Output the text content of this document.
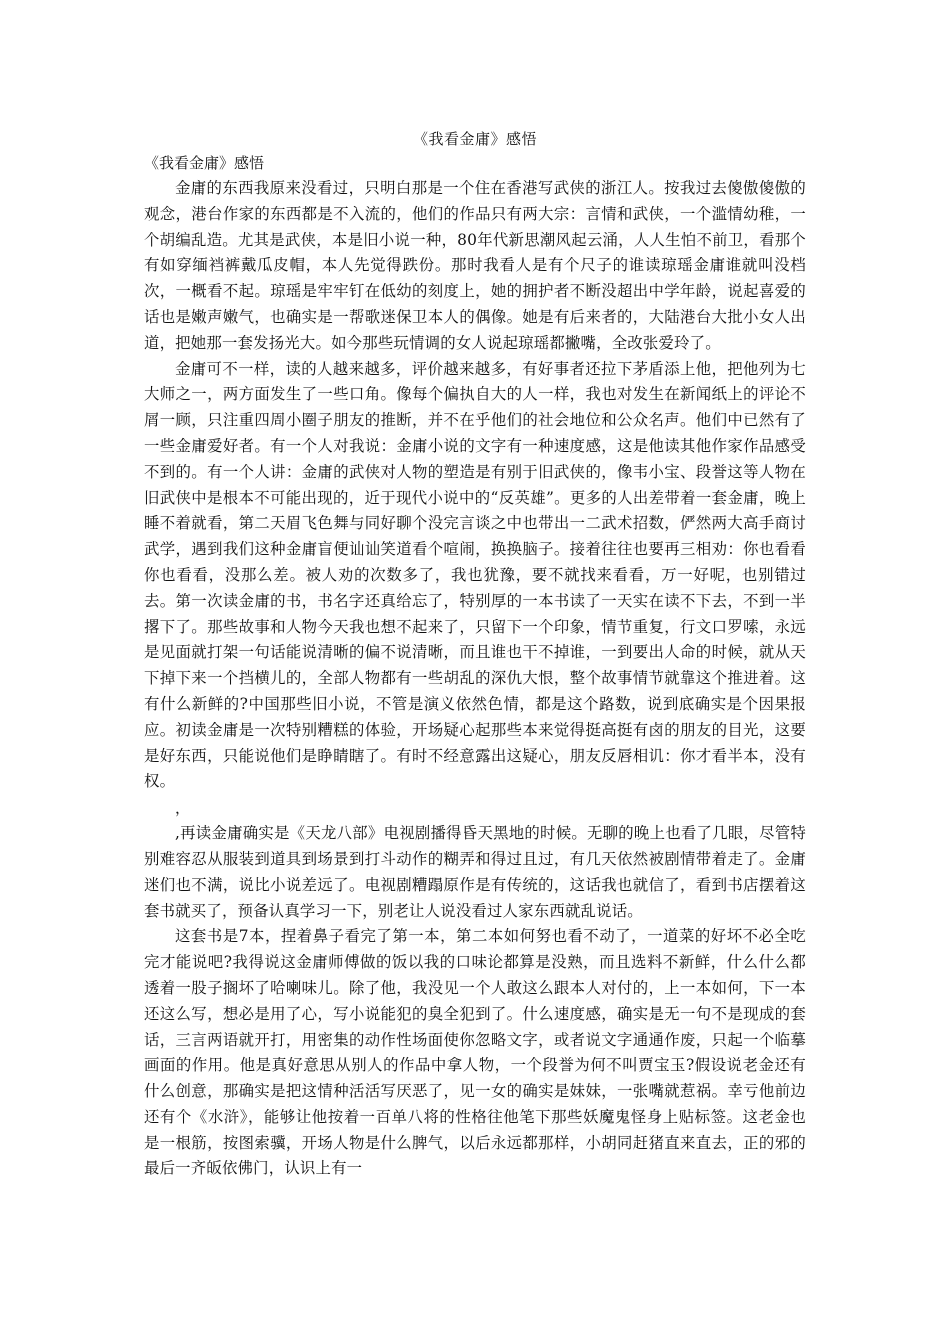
《我看金庸》感悟

《我看金庸》感悟

金庸的东西我原来没看过，只明白那是一个住在香港写武侠的浙江人。按我过去傻傲傻傲的观念，港台作家的东西都是不入流的，他们的作品只有两大宗：言情和武侠，一个滥情幼稚，一个胡编乱造。尤其是武侠，本是旧小说一种，80年代新思潮风起云涌，人人生怕不前卫，看那个有如穿缅裆裤戴瓜皮帽，本人先觉得跌份。那时我看人是有个尺子的谁读琼瑶金庸谁就叫没档次，一概看不起。琼瑶是牢牢钉在低幼的刻度上，她的拥护者不断没超出中学年龄，说起喜爱的话也是嫩声嫩气，也确实是一帮歌迷保卫本人的偶像。她是有后来者的，大陆港台大批小女人出道，把她那一套发扬光大。如今那些玩情调的女人说起琼瑶都撇嘴，全改张爱玲了。

金庸可不一样，读的人越来越多，评价越来越多，有好事者还拉下茅盾添上他，把他列为七大师之一，两方面发生了一些口角。像每个偏执自大的人一样，我也对发生在新闻纸上的评论不屑一顾，只注重四周小圈子朋友的推断，并不在乎他们的社会地位和公众名声。他们中已然有了一些金庸爱好者。有一个人对我说：金庸小说的文字有一种速度感，这是他读其他作家作品感受不到的。有一个人讲：金庸的武侠对人物的塑造是有别于旧武侠的，像韦小宝、段誉这等人物在旧武侠中是根本不可能出现的，近于现代小说中的“反英雄”。更多的人出差带着一套金庸，晚上睡不着就看，第二天眉飞色舞与同好聊个没完言谈之中也带出一二武术招数，俨然两大高手商讨武学，遇到我们这种金庸盲便讪讪笑道看个喧闹，换换脑子。接着往往也要再三相劝：你也看看你也看看，没那么差。被人劝的次数多了，我也犹豫，要不就找来看看，万一好呢，也别错过去。第一次读金庸的书，书名字还真给忘了，特别厚的一本书读了一天实在读不下去，不到一半撂下了。那些故事和人物今天我也想不起来了，只留下一个印象，情节重复，行文口罗嗦，永远是见面就打架一句话能说清晰的偏不说清晰，而且谁也干不掉谁，一到要出人命的时候，就从天下掉下来一个挡横儿的，全部人物都有一些胡乱的深仇大恨，整个故事情节就靠这个推进着。这有什么新鲜的?中国那些旧小说，不管是演义依然色情，都是这个路数，说到底确实是个因果报应。初读金庸是一次特别糟糕的体验，开场疑心起那些本来觉得挺高挺有卤的朋友的目光，这要是好东西，只能说他们是睁睛瞎了。有时不经意露出这疑心，朋友反唇相讥：你才看半本，没有权。

，

,再读金庸确实是《天龙八部》电视剧播得昏天黑地的时候。无聊的晚上也看了几眼，尽管特别难容忍从服装到道具到场景到打斗动作的糊弄和得过且过，有几天依然被剧情带着走了。金庸迷们也不满，说比小说差远了。电视剧糟蹋原作是有传统的，这话我也就信了，看到书店摆着这套书就买了，预备认真学习一下，别老让人说没看过人家东西就乱说话。

这套书是7本，捏着鼻子看完了第一本，第二本如何努也看不动了，一道菜的好坏不必全吃完才能说吧?我得说这金庸师傅做的饭以我的口味论都算是没熟，而且选料不新鲜，什么什么都透着一股子搁坏了哈喇味儿。除了他，我没见一个人敢这么跟本人对付的，上一本如何，下一本还这么写，想必是用了心，写小说能犯的臭全犯到了。什么速度感，确实是无一句不是现成的套话，三言两语就开打，用密集的动作性场面使你忽略文字，或者说文字通通作废，只起一个临摹画面的作用。他是真好意思从别人的作品中拿人物，一个段誉为何不叫贾宝玉?假设说老金还有什么创意，那确实是把这情种活活写厌恶了，见一女的确实是妹妹，一张嘴就惹祸。幸亏他前边还有个《水浒》，能够让他按着一百单八将的性格往他笔下那些妖魔鬼怪身上贴标签。这老金也是一根筋，按图索骥，开场人物是什么脾气，以后永远都那样，小胡同赶猪直来直去，正的邪的最后一齐皈依佛门，认识上有一
